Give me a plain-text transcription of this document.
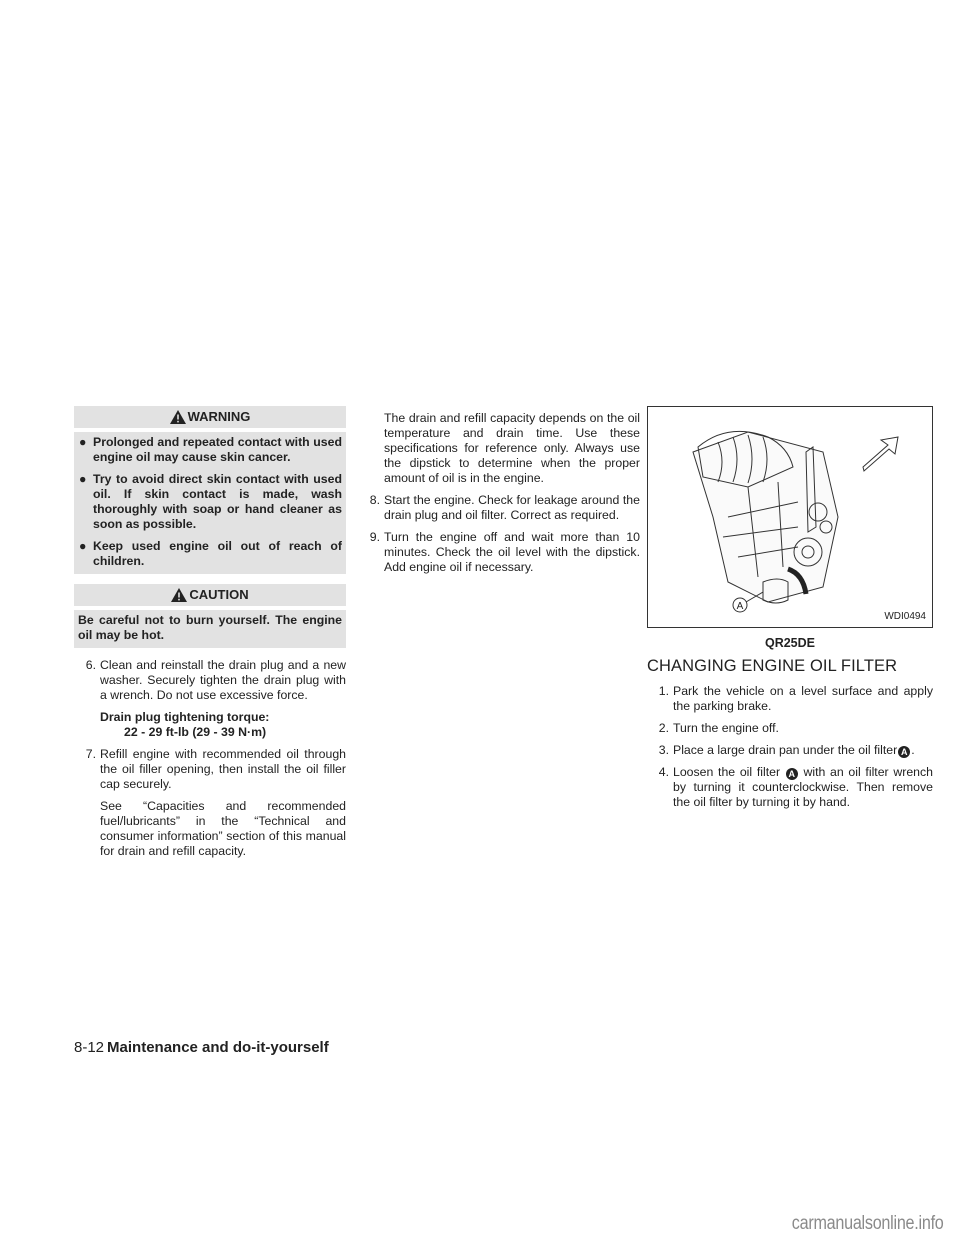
WARNING
● Prolonged and repeated contact with used engine oil may cause skin cancer.
● Try to avoid direct skin contact with used oil. If skin contact is made, wash thoroughly with soap or hand cleaner as soon as possible.
● Keep used engine oil out of reach of children.
CAUTION
Be careful not to burn yourself. The engine oil may be hot.
6. Clean and reinstall the drain plug and a new washer. Securely tighten the drain plug with a wrench. Do not use excessive force.
Drain plug tightening torque:
22 - 29 ft-lb (29 - 39 N·m)
7. Refill engine with recommended oil through the oil filler opening, then install the oil filler cap securely.
See “Capacities and recommended fuel/lubricants” in the “Technical and consumer information” section of this manual for drain and refill capacity.
The drain and refill capacity depends on the oil temperature and drain time. Use these specifications for reference only. Always use the dipstick to determine when the proper amount of oil is in the engine.
8. Start the engine. Check for leakage around the drain plug and oil filter. Correct as required.
9. Turn the engine off and wait more than 10 minutes. Check the oil level with the dipstick. Add engine oil if necessary.
A
WDI0494
QR25DE
CHANGING ENGINE OIL FILTER
1. Park the vehicle on a level surface and apply the parking brake.
2. Turn the engine off.
3. Place a large drain pan under the oil filter A .
4. Loosen the oil filter A with an oil filter wrench by turning it counterclockwise. Then remove the oil filter by turning it by hand.
8-12 Maintenance and do-it-yourself
carmanualsonline.info
